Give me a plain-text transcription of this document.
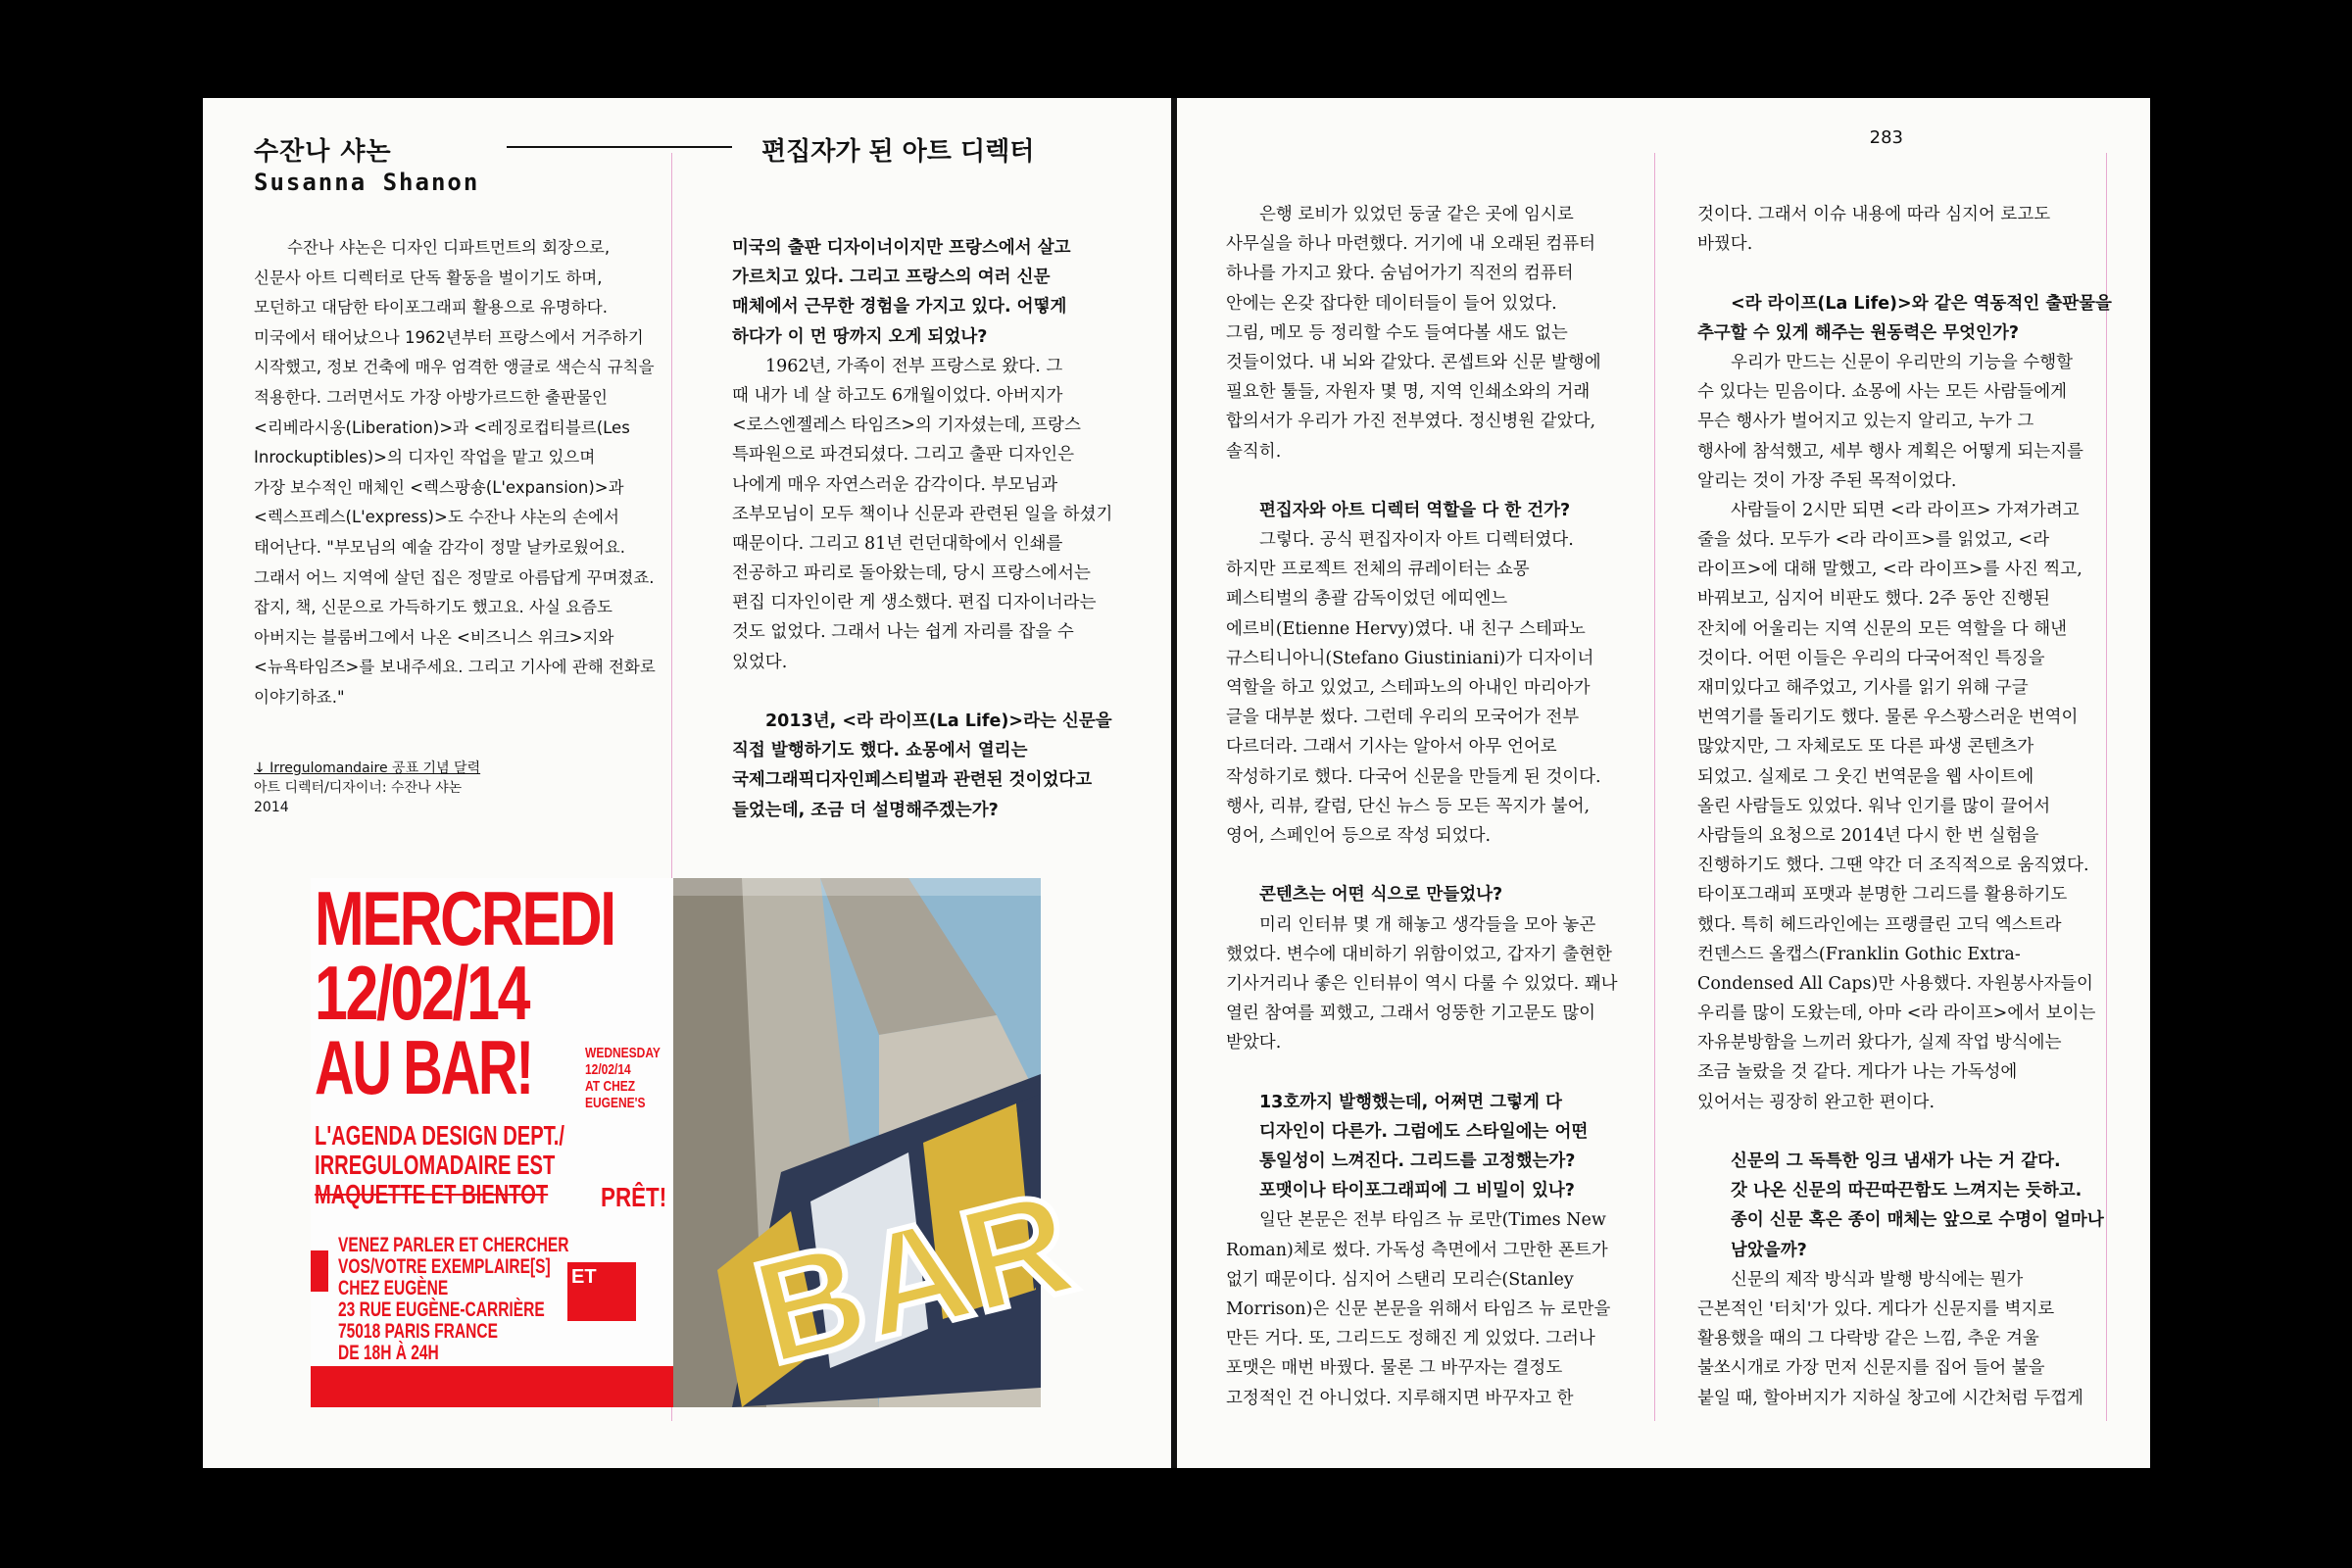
수잔나 샤논
Susanna Shanon
편집자가 된 아트 디렉터
수잔나 샤논은 디자인 디파트먼트의 회장으로,
신문사 아트 디렉터로 단독 활동을 벌이기도 하며,
모던하고 대담한 타이포그래피 활용으로 유명하다.
미국에서 태어났으나 1962년부터 프랑스에서 거주하기
시작했고, 정보 건축에 매우 엄격한 앵글로 색슨식 규칙을
적용한다. 그러면서도 가장 아방가르드한 출판물인
<리베라시옹(Liberation)>과 <레징로컵티블르(Les
Inrockuptibles)>의 디자인 작업을 맡고 있으며
가장 보수적인 매체인 <렉스팡숑(L'expansion)>과
<렉스프레스(L'express)>도 수잔나 샤논의 손에서
태어난다. "부모님의 예술 감각이 정말 날카로웠어요.
그래서 어느 지역에 살던 집은 정말로 아름답게 꾸며졌죠.
잡지, 책, 신문으로 가득하기도 했고요. 사실 요즘도
아버지는 블룸버그에서 나온 <비즈니스 위크>지와
<뉴욕타임즈>를 보내주세요. 그리고 기사에 관해 전화로
이야기하죠."
↓ Irregulomandaire 공표 기념 달력
아트 디렉터/디자이너: 수잔나 샤논
2014
미국의 출판 디자이너이지만 프랑스에서 살고
가르치고 있다. 그리고 프랑스의 여러 신문
매체에서 근무한 경험을 가지고 있다. 어떻게
하다가 이 먼 땅까지 오게 되었나?
1962년, 가족이 전부 프랑스로 왔다. 그
때 내가 네 살 하고도 6개월이었다. 아버지가
<로스엔젤레스 타임즈>의 기자셨는데, 프랑스
특파원으로 파견되셨다. 그리고 출판 디자인은
나에게 매우 자연스러운 감각이다. 부모님과
조부모님이 모두 책이나 신문과 관련된 일을 하셨기
때문이다. 그리고 81년 런던대학에서 인쇄를
전공하고 파리로 돌아왔는데, 당시 프랑스에서는
편집 디자인이란 게 생소했다. 편집 디자이너라는
것도 없었다. 그래서 나는 쉽게 자리를 잡을 수
있었다.
2013년, <라 라이프(La Life)>라는 신문을
직접 발행하기도 했다. 쇼몽에서 열리는
국제그래픽디자인페스티벌과 관련된 것이었다고
들었는데, 조금 더 설명해주겠는가?
MERCREDI
12/02/14
AU BAR!	WEDNESDAY
12/02/14
AT CHEZ
EUGENE'S
L'AGENDA DESIGN DEPT./
IRREGULOMADAIRE EST
MAQUETTE ET BIENTOT	PRÊT!
VENEZ PARLER ET CHERCHER
VOS/VOTRE EXEMPLAIRE[S]
CHEZ EUGÈNE
23 RUE EUGÈNE-CARRIÈRE
75018 PARIS FRANCE
DE 18H À 24H
ET BAR
283
은행 로비가 있었던 둥굴 같은 곳에 임시로
사무실을 하나 마련했다. 거기에 내 오래된 컴퓨터
하나를 가지고 왔다. 숨넘어가기 직전의 컴퓨터
안에는 온갖 잡다한 데이터들이 들어 있었다.
그림, 메모 등 정리할 수도 들여다볼 새도 없는
것들이었다. 내 뇌와 같았다. 콘셉트와 신문 발행에
필요한 툴들, 자원자 몇 명, 지역 인쇄소와의 거래
합의서가 우리가 가진 전부였다. 정신병원 같았다,
솔직히.
편집자와 아트 디렉터 역할을 다 한 건가?
그렇다. 공식 편집자이자 아트 디렉터였다.
하지만 프로젝트 전체의 큐레이터는 쇼몽
페스티벌의 총괄 감독이었던 에띠엔느
에르비(Etienne Hervy)였다. 내 친구 스테파노
규스티니아니(Stefano Giustiniani)가 디자이너
역할을 하고 있었고, 스테파노의 아내인 마리아가
글을 대부분 썼다. 그런데 우리의 모국어가 전부
다르더라. 그래서 기사는 알아서 아무 언어로
작성하기로 했다. 다국어 신문을 만들게 된 것이다.
행사, 리뷰, 칼럼, 단신 뉴스 등 모든 꼭지가 불어,
영어, 스페인어 등으로 작성 되었다.
콘텐츠는 어떤 식으로 만들었나?
미리 인터뷰 몇 개 해놓고 생각들을 모아 놓곤
했었다. 변수에 대비하기 위함이었고, 갑자기 출현한
기사거리나 좋은 인터뷰이 역시 다룰 수 있었다. 꽤나
열린 참여를 꾀했고, 그래서 엉뚱한 기고문도 많이
받았다.
13호까지 발행했는데, 어쩌면 그렇게 다
디자인이 다른가. 그럼에도 스타일에는 어떤
통일성이 느껴진다. 그리드를 고정했는가?
포맷이나 타이포그래피에 그 비밀이 있나?
일단 본문은 전부 타임즈 뉴 로만(Times New
Roman)체로 썼다. 가독성 측면에서 그만한 폰트가
없기 때문이다. 심지어 스탠리 모리슨(Stanley
Morrison)은 신문 본문을 위해서 타임즈 뉴 로만을
만든 거다. 또, 그리드도 정해진 게 있었다. 그러나
포맷은 매번 바꿨다. 물론 그 바꾸자는 결정도
고정적인 건 아니었다. 지루해지면 바꾸자고 한
것이다. 그래서 이슈 내용에 따라 심지어 로고도
바꿨다.
<라 라이프(La Life)>와 같은 역동적인 출판물을
추구할 수 있게 해주는 원동력은 무엇인가?
우리가 만드는 신문이 우리만의 기능을 수행할
수 있다는 믿음이다. 쇼몽에 사는 모든 사람들에게
무슨 행사가 벌어지고 있는지 알리고, 누가 그
행사에 참석했고, 세부 행사 계획은 어떻게 되는지를
알리는 것이 가장 주된 목적이었다.
사람들이 2시만 되면 <라 라이프> 가져가려고
줄을 섰다. 모두가 <라 라이프>를 읽었고, <라
라이프>에 대해 말했고, <라 라이프>를 사진 찍고,
바꿔보고, 심지어 비판도 했다. 2주 동안 진행된
잔치에 어울리는 지역 신문의 모든 역할을 다 해낸
것이다. 어떤 이들은 우리의 다국어적인 특징을
재미있다고 해주었고, 기사를 읽기 위해 구글
번역기를 돌리기도 했다. 물론 우스꽝스러운 번역이
많았지만, 그 자체로도 또 다른 파생 콘텐츠가
되었고. 실제로 그 웃긴 번역문을 웹 사이트에
올린 사람들도 있었다. 워낙 인기를 많이 끌어서
사람들의 요청으로 2014년 다시 한 번 실험을
진행하기도 했다. 그땐 약간 더 조직적으로 움직였다.
타이포그래피 포맷과 분명한 그리드를 활용하기도
했다. 특히 헤드라인에는 프랭클린 고딕 엑스트라
컨덴스드 올캡스(Franklin Gothic Extra-
Condensed All Caps)만 사용했다. 자원봉사자들이
우리를 많이 도왔는데, 아마 <라 라이프>에서 보이는
자유분방함을 느끼러 왔다가, 실제 작업 방식에는
조금 놀랐을 것 같다. 게다가 나는 가독성에
있어서는 굉장히 완고한 편이다.
신문의 그 독특한 잉크 냄새가 나는 거 같다.
갓 나온 신문의 따끈따끈함도 느껴지는 듯하고.
종이 신문 혹은 종이 매체는 앞으로 수명이 얼마나
남았을까?
신문의 제작 방식과 발행 방식에는 뭔가
근본적인 '터치'가 있다. 게다가 신문지를 벽지로
활용했을 때의 그 다락방 같은 느낌, 추운 겨울
불쏘시개로 가장 먼저 신문지를 집어 들어 불을
붙일 때, 할아버지가 지하실 창고에 시간처럼 두껍게
